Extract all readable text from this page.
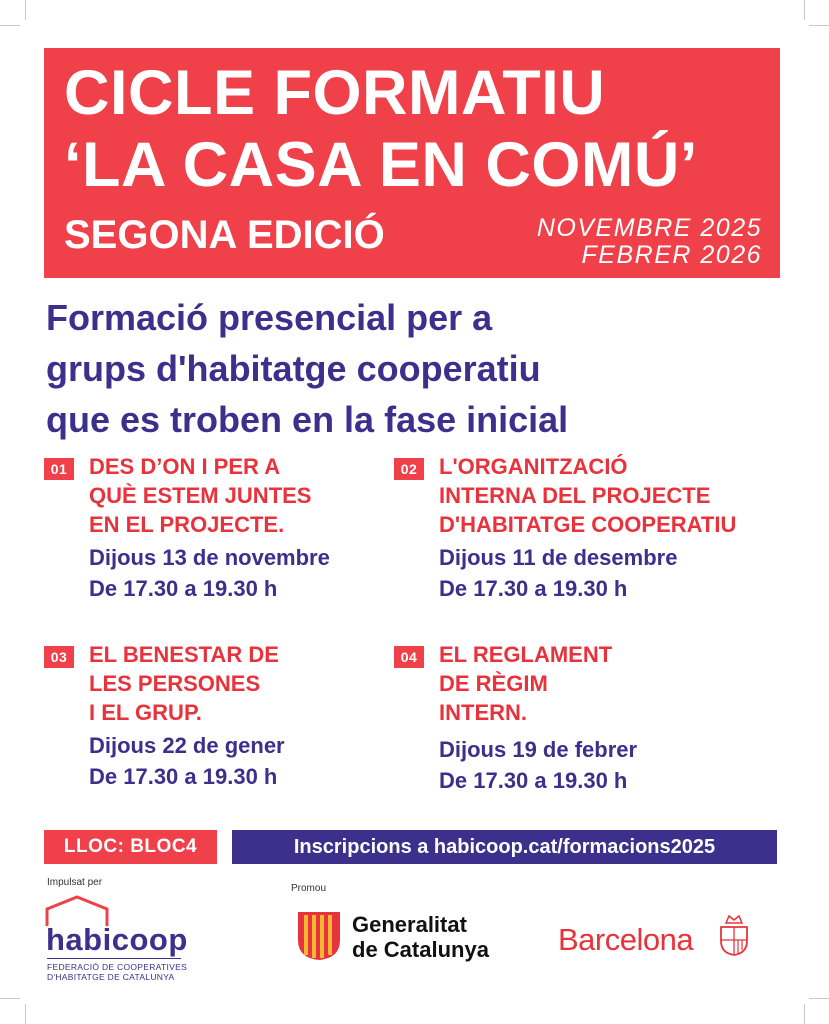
CICLE FORMATIU
‘LA CASA EN COMÚ’
SEGONA EDICIÓ	NOVEMBRE 2025
FEBRER 2026
Formació presencial per a
grups d'habitatge cooperatiu
que es troben en la fase inicial
01 DES D’ON I PER A
QUÈ ESTEM JUNTES
EN EL PROJECTE.
Dijous 13 de novembre
De 17.30 a 19.30 h
02 L'ORGANITZACIÓ
INTERNA DEL PROJECTE
D'HABITATGE COOPERATIU
Dijous 11 de desembre
De 17.30 a 19.30 h
03 EL BENESTAR DE
LES PERSONES
I EL GRUP.
Dijous 22 de gener
De 17.30 a 19.30 h
04 EL REGLAMENT
DE RÈGIM
INTERN.
Dijous 19 de febrer
De 17.30 a 19.30 h
LLOC: BLOC4	Inscripcions a habicoop.cat/formacions2025
Impulsat per
Promou
habicoop
FEDERACIÓ DE COOPERATIVES
D'HABITATGE DE CATALUNYA
Generalitat
de Catalunya Barcelona
